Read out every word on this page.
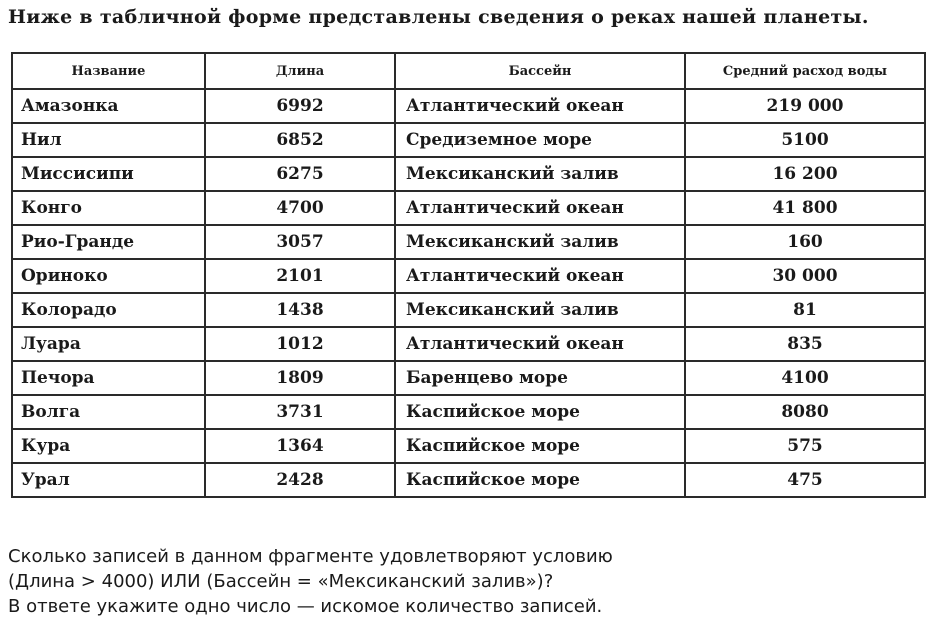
Ниже в табличной форме представлены сведения о реках нашей планеты.
Название	Длина	Бассейн	Средний расход воды
Амазонка	6992	Атлантический океан	219 000
Нил	6852	Средиземное море	5100
Миссисипи	6275	Мексиканский залив	16 200
Конго	4700	Атлантический океан	41 800
Рио-Гранде	3057	Мексиканский залив	160
Ориноко	2101	Атлантический океан	30 000
Колорадо	1438	Мексиканский залив	81
Луара	1012	Атлантический океан	835
Печора	1809	Баренцево море	4100
Волга	3731	Каспийское море	8080
Кура	1364	Каспийское море	575
Урал	2428	Каспийское море	475
Сколько записей в данном фрагменте удовлетворяют условию
(Длина > 4000) ИЛИ (Бассейн = «Мексиканский залив»)?
В ответе укажите одно число — искомое количество записей.
